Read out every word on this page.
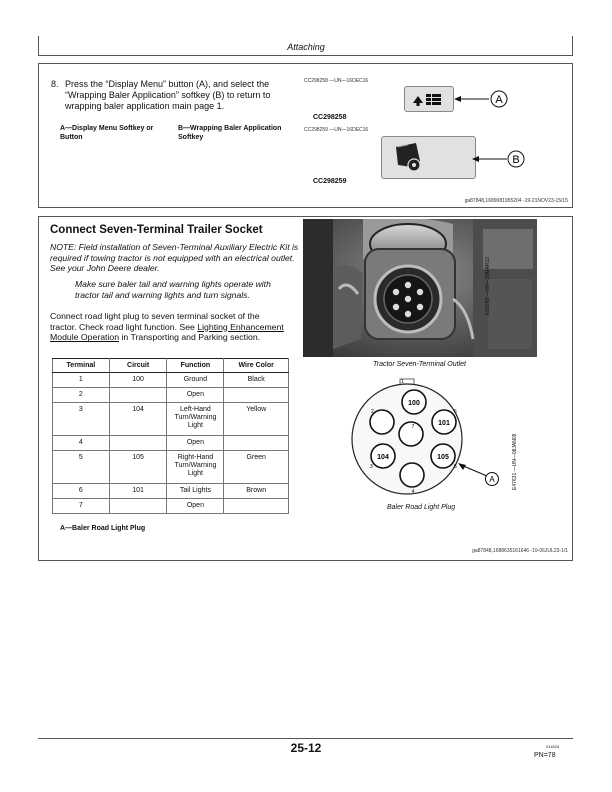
Attaching
8. Press the “Display Menu” button (A), and select the “Wrapping Baler Application” softkey (B) to return to wrapping baler application main page 1.
A—Display Menu Softkey or Button
B—Wrapping Baler Application Softkey
CC298258 —UN—16DEC16
A
CC298258
CC298259 —UN—16DEC16
B
CC298259
ga87848,1689081955204 -19-21NOV23-15/15
Connect Seven-Terminal Trailer Socket
NOTE: Field installation of Seven-Terminal Auxiliary Electric Kit is required if towing tractor is not equipped with an electrical outlet. See your John Deere dealer.
Make sure baler tail and warning lights operate with tractor tail and warning lights and turn signals.
Connect road light plug to seven terminal socket of the tractor. Check road light function. See Lighting Enhancement Module Operation in Transporting and Parking section.
Terminal	Circuit	Function	Wire Color
1	100	Ground	Black
2		Open	
3	104	Left-Hand Turn/Warning Light	Yellow
4		Open	
5	105	Right-Hand Turn/Warning Light	Green
6	101	Tail Lights	Brown
7		Open	
A—Baler Road Light Plug
E62265 —UN—30MAR12
Tractor Seven-Terminal Outlet
1
100
101
104	105
7
2
3
6
5
4
A	E47631 —UN—08JAN09
Baler Road Light Plug
ga87848,1688635161646 -19-06JUL23-1/1
25-12	011624
PN=78
